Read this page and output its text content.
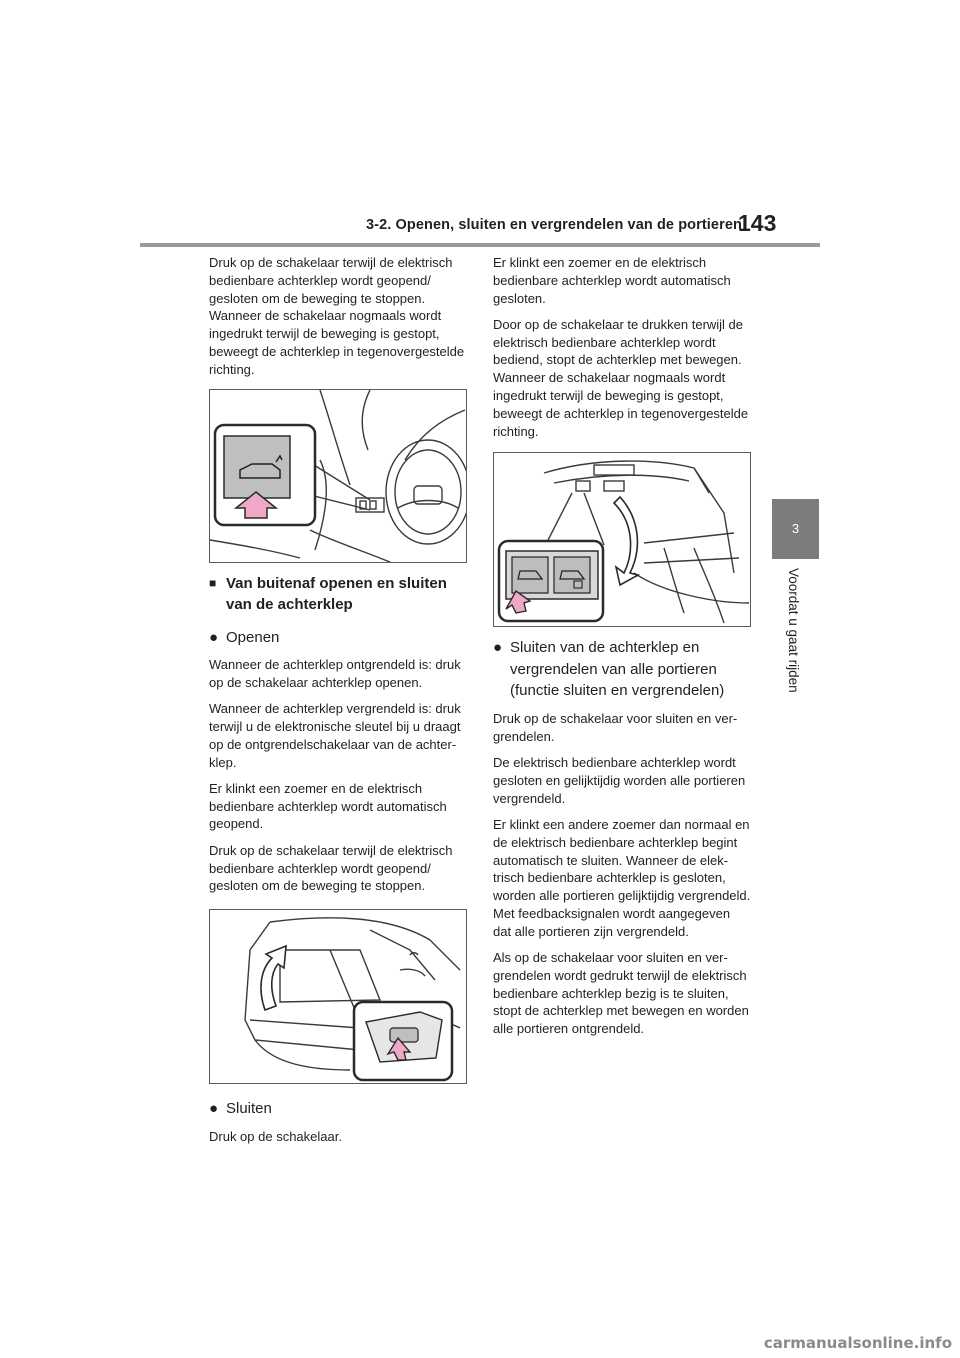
3-2. Openen, sluiten en vergrendelen van de portieren
143
3
Voordat u gaat rijden

Druk op de schakelaar terwijl de elektrisch bedienbare achterklep wordt geopend/ gesloten om de beweging te stoppen. Wanneer de schakelaar nogmaals wordt ingedrukt terwijl de beweging is gestopt, beweegt de achterklep in tegenovergestelde richting.

■ Van buitenaf openen en sluiten van de achterklep
● Openen

Wanneer de achterklep ontgrendeld is: druk op de schakelaar achterklep openen.

Wanneer de achterklep vergrendeld is: druk terwijl u de elektronische sleutel bij u draagt op de ontgrendelschakelaar van de achter-klep.

Er klinkt een zoemer en de elektrisch bedienbare achterklep wordt automatisch geopend.

Druk op de schakelaar terwijl de elektrisch bedienbare achterklep wordt geopend/ gesloten om de beweging te stoppen.

● Sluiten

Druk op de schakelaar.

Er klinkt een zoemer en de elektrisch bedienbare achterklep wordt automatisch gesloten.

Door op de schakelaar te drukken terwijl de elektrisch bedienbare achterklep wordt bediend, stopt de achterklep met bewegen. Wanneer de schakelaar nogmaals wordt ingedrukt terwijl de beweging is gestopt, beweegt de achterklep in tegenovergestelde richting.

● Sluiten van de achterklep en vergrendelen van alle portieren (functie sluiten en vergrendelen)

Druk op de schakelaar voor sluiten en ver-grendelen.

De elektrisch bedienbare achterklep wordt gesloten en gelijktijdig worden alle portieren vergrendeld.

Er klinkt een andere zoemer dan normaal en de elektrisch bedienbare achterklep begint automatisch te sluiten. Wanneer de elek-trisch bedienbare achterklep is gesloten, worden alle portieren gelijktijdig vergrendeld. Met feedbacksignalen wordt aangegeven dat alle portieren zijn vergrendeld.

Als op de schakelaar voor sluiten en ver-grendelen wordt gedrukt terwijl de elektrisch bedienbare achterklep bezig is te sluiten, stopt de achterklep met bewegen en worden alle portieren ontgrendeld.

carmanualsonline.info
